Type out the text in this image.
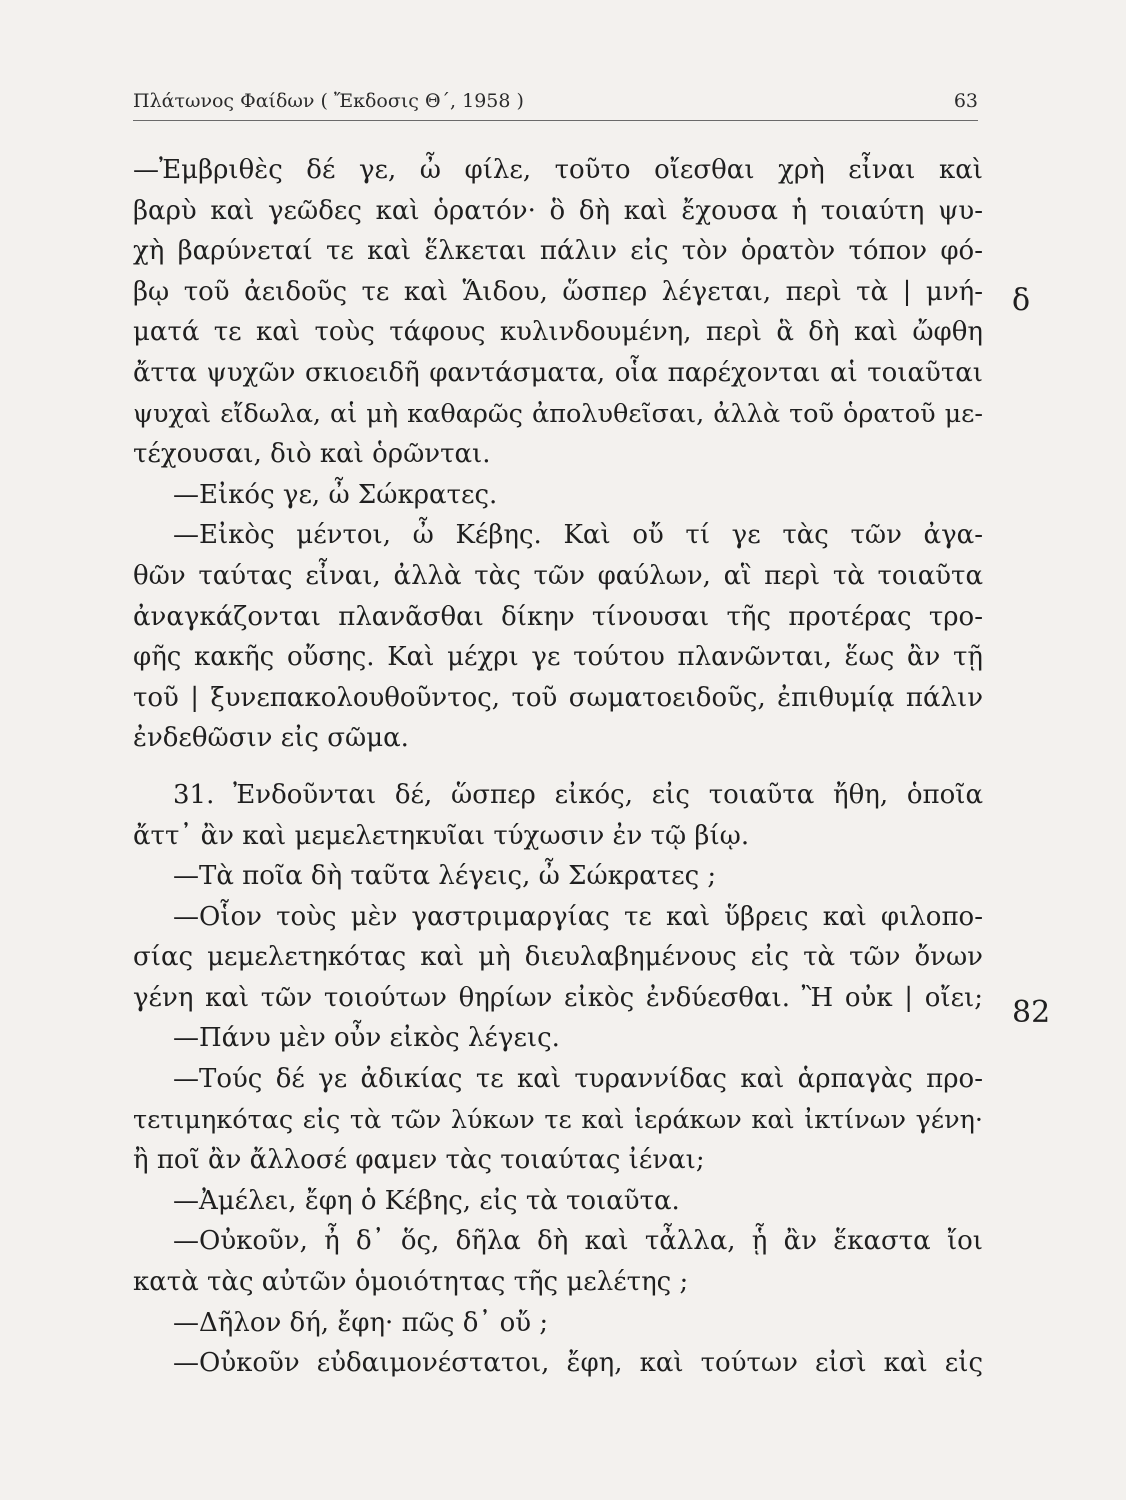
Πλάτωνος Φαίδων ( Ἔκδοσις Θ΄, 1958 )	63
—Ἐμβριθὲς δέ γε, ὦ φίλε, τοῦτο οἴεσθαι χρὴ εἶναι καὶ
βαρὺ καὶ γεῶδες καὶ ὁρατόν· ὃ δὴ καὶ ἔχουσα ἡ τοιαύτη ψυ-
χὴ βαρύνεταί τε καὶ ἕλκεται πάλιν εἰς τὸν ὁρατὸν τόπον φό-
βῳ τοῦ ἀειδοῦς τε καὶ Ἅιδου, ὥσπερ λέγεται, περὶ τὰ | μνή-
ματά τε καὶ τοὺς τάφους κυλινδουμένη, περὶ ἃ δὴ καὶ ὤφθη
ἄττα ψυχῶν σκιοειδῆ φαντάσματα, οἷα παρέχονται αἱ τοιαῦται
ψυχαὶ εἴδωλα, αἱ μὴ καθαρῶς ἀπολυθεῖσαι, ἀλλὰ τοῦ ὁρατοῦ με-
τέχουσαι, διὸ καὶ ὁρῶνται.
—Εἰκός γε, ὦ Σώκρατες.
—Εἰκὸς μέντοι, ὦ Κέβης. Καὶ οὔ τί γε τὰς τῶν ἀγα-
θῶν ταύτας εἶναι, ἀλλὰ τὰς τῶν φαύλων, αἳ περὶ τὰ τοιαῦτα
ἀναγκάζονται πλανᾶσθαι δίκην τίνουσαι τῆς προτέρας τρο-
φῆς κακῆς οὔσης. Καὶ μέχρι γε τούτου πλανῶνται, ἕως ἂν τῇ
τοῦ | ξυνεπακολουθοῦντος, τοῦ σωματοειδοῦς, ἐπιθυμίᾳ πάλιν
ἐνδεθῶσιν εἰς σῶμα.
31. Ἐνδοῦνται δέ, ὥσπερ εἰκός, εἰς τοιαῦτα ἤθη, ὁποῖα
ἄττ᾽ ἂν καὶ μεμελετηκυῖαι τύχωσιν ἐν τῷ βίῳ.
—Τὰ ποῖα δὴ ταῦτα λέγεις, ὦ Σώκρατες ;
—Οἷον τοὺς μὲν γαστριμαργίας τε καὶ ὕβρεις καὶ φιλοπο-
σίας μεμελετηκότας καὶ μὴ διευλαβημένους εἰς τὰ τῶν ὄνων
γένη καὶ τῶν τοιούτων θηρίων εἰκὸς ἐνδύεσθαι. Ἢ οὐκ | οἴει;
—Πάνυ μὲν οὖν εἰκὸς λέγεις.
—Τούς δέ γε ἀδικίας τε καὶ τυραννίδας καὶ ἁρπαγὰς προ-
τετιμηκότας εἰς τὰ τῶν λύκων τε καὶ ἱεράκων καὶ ἰκτίνων γένη·
ἢ ποῖ ἂν ἄλλοσέ φαμεν τὰς τοιαύτας ἰέναι;
—Ἀμέλει, ἔφη ὁ Κέβης, εἰς τὰ τοιαῦτα.
—Οὐκοῦν, ἦ δ᾽ ὅς, δῆλα δὴ καὶ τἆλλα, ᾗ ἂν ἕκαστα ἴοι
κατὰ τὰς αὐτῶν ὁμοιότητας τῆς μελέτης ;
—Δῆλον δή, ἔφη· πῶς δ᾽ οὔ ;
—Οὐκοῦν εὐδαιμονέστατοι, ἔφη, καὶ τούτων εἰσὶ καὶ εἰς
δ
82
